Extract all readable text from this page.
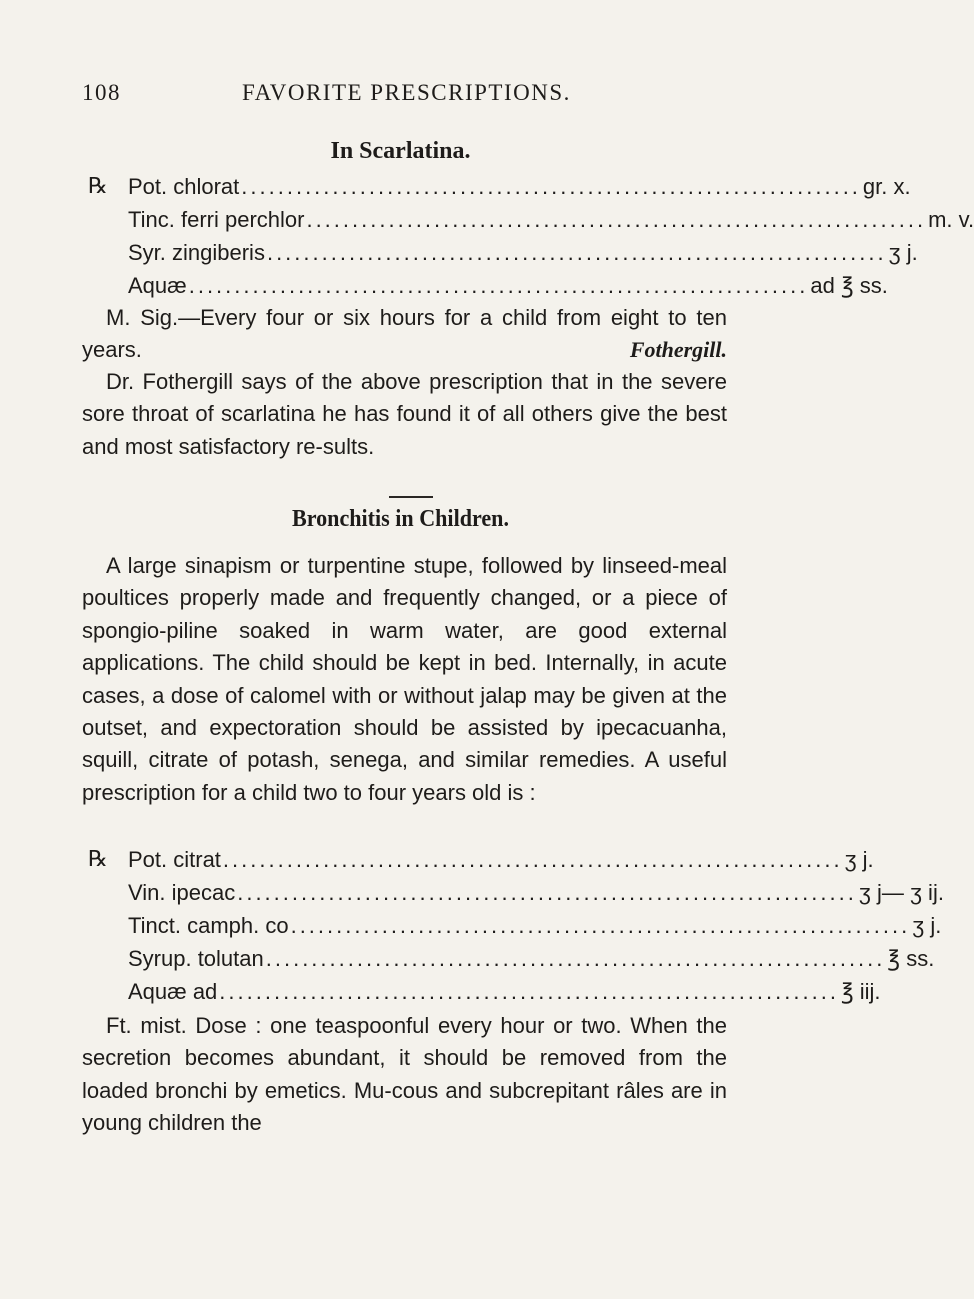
108	FAVORITE PRESCRIPTIONS.
In Scarlatina.
℞ Pot. chlorat .................................................................... gr. x.
Tinc. ferri perchlor .................................................................... m. v.
Syr. zingiberis .................................................................... ʒ j.
Aquæ .................................................................... ad ℥ ss.

M. Sig.—Every four or six hours for a child from eight to ten years.	Fothergill.

Dr. Fothergill says of the above prescription that in the severe sore throat of scarlatina he has found it of all others give the best and most satisfactory re-sults.

Bronchitis in Children.

A large sinapism or turpentine stupe, followed by linseed-meal poultices properly made and frequently changed, or a piece of spongio-piline soaked in warm water, are good external applications. The child should be kept in bed. Internally, in acute cases, a dose of calomel with or without jalap may be given at the outset, and expectoration should be assisted by ipecacuanha, squill, citrate of potash, senega, and similar remedies. A useful prescription for a child two to four years old is :

℞ Pot. citrat .................................................................... ʒ j.
Vin. ipecac .................................................................... ʒ j— ʒ ij.
Tinct. camph. co .................................................................... ʒ j.
Syrup. tolutan .................................................................... ℥ ss.
Aquæ ad .................................................................... ℥ iij.

Ft. mist. Dose : one teaspoonful every hour or two. When the secretion becomes abundant, it should be removed from the loaded bronchi by emetics. Mu-cous and subcrepitant râles are in young children the
